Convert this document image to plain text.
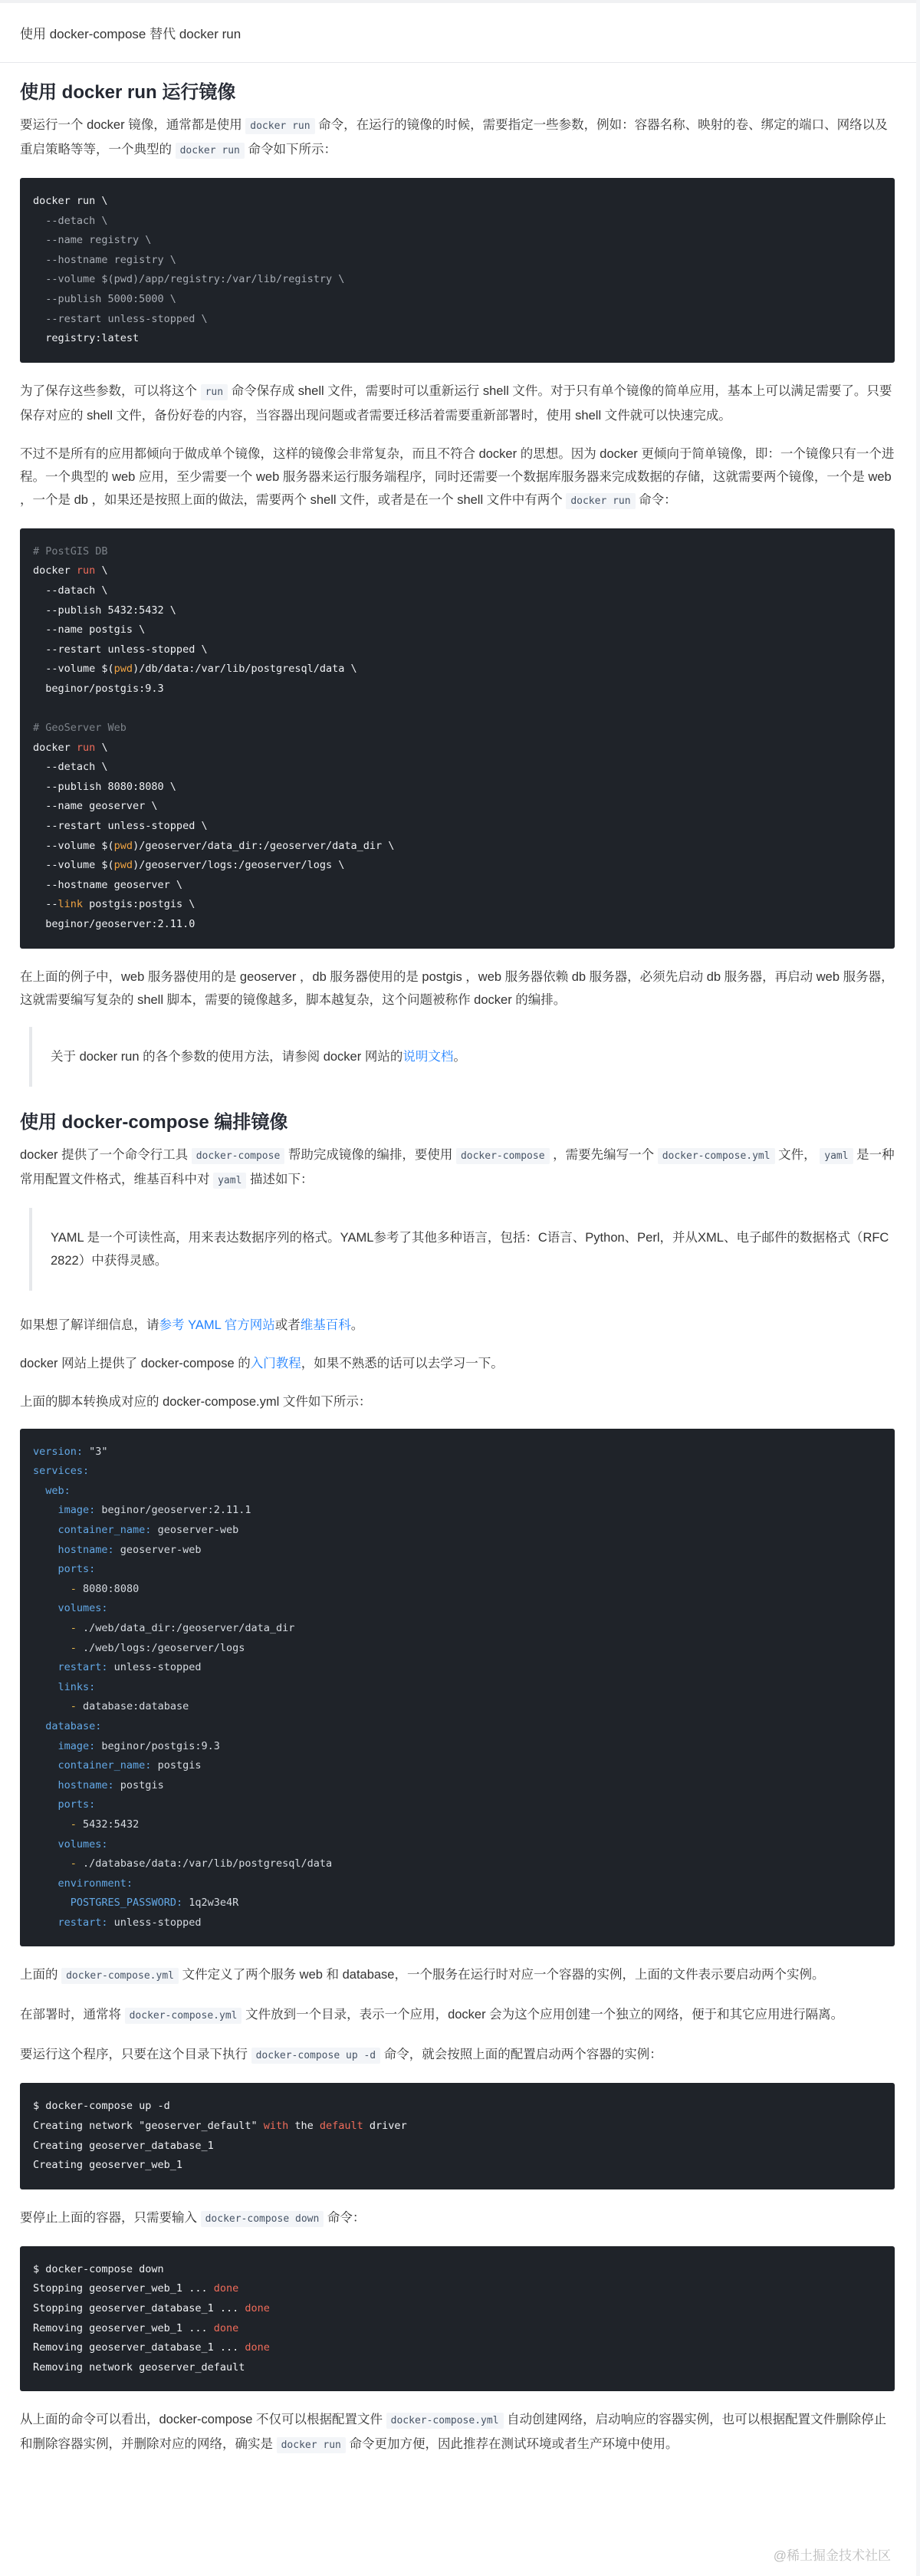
使用 docker-compose 替代 docker run
使用 docker run 运行镜像

要运行一个 docker 镜像，通常都是使用 docker run 命令，在运行的镜像的时候，需要指定一些参数，例如：容器名称、映射的卷、绑定的端口、网络以及重启策略等等，一个典型的 docker run 命令如下所示：

docker run \
--detach \
--name registry \
--hostname registry \
--volume $(pwd)/app/registry:/var/lib/registry \
--publish 5000:5000 \
--restart unless-stopped \
registry:latest

为了保存这些参数，可以将这个 run 命令保存成 shell 文件，需要时可以重新运行 shell 文件。对于只有单个镜像的简单应用，基本上可以满足需要了。只要保存对应的 shell 文件，备份好卷的内容，当容器出现问题或者需要迁移活着需要重新部署时，使用 shell 文件就可以快速完成。

不过不是所有的应用都倾向于做成单个镜像，这样的镜像会非常复杂，而且不符合 docker 的思想。因为 docker 更倾向于简单镜像，即：一个镜像只有一个进程。一个典型的 web 应用，至少需要一个 web 服务器来运行服务端程序，同时还需要一个数据库服务器来完成数据的存储，这就需要两个镜像，一个是 web ，一个是 db ，如果还是按照上面的做法，需要两个 shell 文件，或者是在一个 shell 文件中有两个 docker run 命令：

# PostGIS DB
docker run \
--datach \
--publish 5432:5432 \
--name postgis \
--restart unless-stopped \
--volume $(pwd)/db/data:/var/lib/postgresql/data \
beginor/postgis:9.3

# GeoServer Web
docker run \
--detach \
--publish 8080:8080 \
--name geoserver \
--restart unless-stopped \
--volume $(pwd)/geoserver/data_dir:/geoserver/data_dir \
--volume $(pwd)/geoserver/logs:/geoserver/logs \
--hostname geoserver \
--link postgis:postgis \
beginor/geoserver:2.11.0

在上面的例子中，web 服务器使用的是 geoserver ，db 服务器使用的是 postgis ，web 服务器依赖 db 服务器，必须先启动 db 服务器，再启动 web 服务器，这就需要编写复杂的 shell 脚本，需要的镜像越多，脚本越复杂，这个问题被称作 docker 的编排。

关于 docker run 的各个参数的使用方法，请参阅 docker 网站的说明文档。
使用 docker-compose 编排镜像

docker 提供了一个命令行工具 docker-compose 帮助完成镜像的编排，要使用 docker-compose ，需要先编写一个 docker-compose.yml 文件， yaml 是一种常用配置文件格式，维基百科中对 yaml 描述如下：

YAML 是一个可读性高，用来表达数据序列的格式。YAML参考了其他多种语言，包括：C语言、Python、Perl，并从XML、电子邮件的数据格式（RFC 2822）中获得灵感。

如果想了解详细信息，请参考 YAML 官方网站或者维基百科。

docker 网站上提供了 docker-compose 的入门教程，如果不熟悉的话可以去学习一下。

上面的脚本转换成对应的 docker-compose.yml 文件如下所示：

version: "3"
services:
web:
image: beginor/geoserver:2.11.1
container_name: geoserver-web
hostname: geoserver-web
ports:
- 8080:8080
volumes:
- ./web/data_dir:/geoserver/data_dir
- ./web/logs:/geoserver/logs
restart: unless-stopped
links:
- database:database
database:
image: beginor/postgis:9.3
container_name: postgis
hostname: postgis
ports:
- 5432:5432
volumes:
- ./database/data:/var/lib/postgresql/data
environment:
POSTGRES_PASSWORD: 1q2w3e4R
restart: unless-stopped

上面的 docker-compose.yml 文件定义了两个服务 web 和 database，一个服务在运行时对应一个容器的实例，上面的文件表示要启动两个实例。

在部署时，通常将 docker-compose.yml 文件放到一个目录，表示一个应用，docker 会为这个应用创建一个独立的网络，便于和其它应用进行隔离。

要运行这个程序，只要在这个目录下执行 docker-compose up -d 命令，就会按照上面的配置启动两个容器的实例：

$ docker-compose up -d
Creating network "geoserver_default" with the default driver
Creating geoserver_database_1
Creating geoserver_web_1

要停止上面的容器，只需要输入 docker-compose down 命令：

$ docker-compose down
Stopping geoserver_web_1 ... done
Stopping geoserver_database_1 ... done
Removing geoserver_web_1 ... done
Removing geoserver_database_1 ... done
Removing network geoserver_default

从上面的命令可以看出，docker-compose 不仅可以根据配置文件 docker-compose.yml 自动创建网络，启动响应的容器实例，也可以根据配置文件删除停止和删除容器实例，并删除对应的网络，确实是 docker run 命令更加方便，因此推荐在测试环境或者生产环境中使用。

@稀土掘金技术社区
